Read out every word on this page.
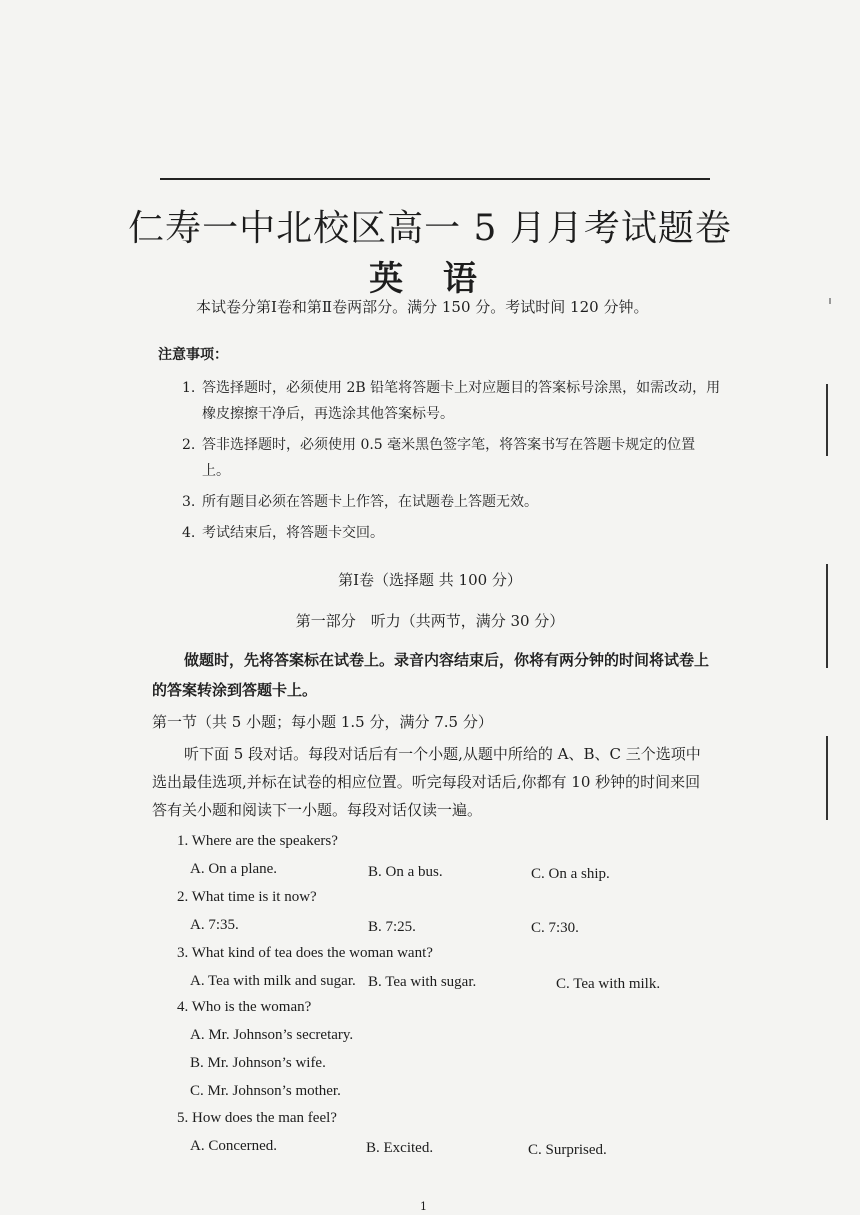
仁寿一中北校区高一 5 月月考试题卷
英 语
本试卷分第Ⅰ卷和第Ⅱ卷两部分。满分 150 分。考试时间 120 分钟。
注意事项：
1. 答选择题时，必须使用 2B 铅笔将答题卡上对应题目的答案标号涂黑，如需改动，用橡皮擦擦干净后，再选涂其他答案标号。
2. 答非选择题时，必须使用 0.5 毫米黑色签字笔，将答案书写在答题卡规定的位置上。
3. 所有题目必须在答题卡上作答，在试题卷上答题无效。
4. 考试结束后，将答题卡交回。
第Ⅰ卷（选择题 共 100 分）
第一部分　听力（共两节，满分 30 分）
做题时，先将答案标在试卷上。录音内容结束后，你将有两分钟的时间将试卷上的答案转涂到答题卡上。
第一节（共 5 小题；每小题 1.5 分，满分 7.5 分）
听下面 5 段对话。每段对话后有一个小题,从题中所给的 A、B、C 三个选项中选出最佳选项,并标在试卷的相应位置。听完每段对话后,你都有 10 秒钟的时间来回答有关小题和阅读下一小题。每段对话仅读一遍。
1. Where are the speakers?
A. On a plane.	B. On a bus.	C. On a ship.
2. What time is it now?
A. 7:35.	B. 7:25.	C. 7:30.
3. What kind of tea does the woman want?
A. Tea with milk and sugar. B. Tea with sugar.	C. Tea with milk.
4. Who is the woman?
A. Mr. Johnson’s secretary.
B. Mr. Johnson’s wife.
C. Mr. Johnson’s mother.
5. How does the man feel?
A. Concerned.	B. Excited.	C. Surprised.
1
